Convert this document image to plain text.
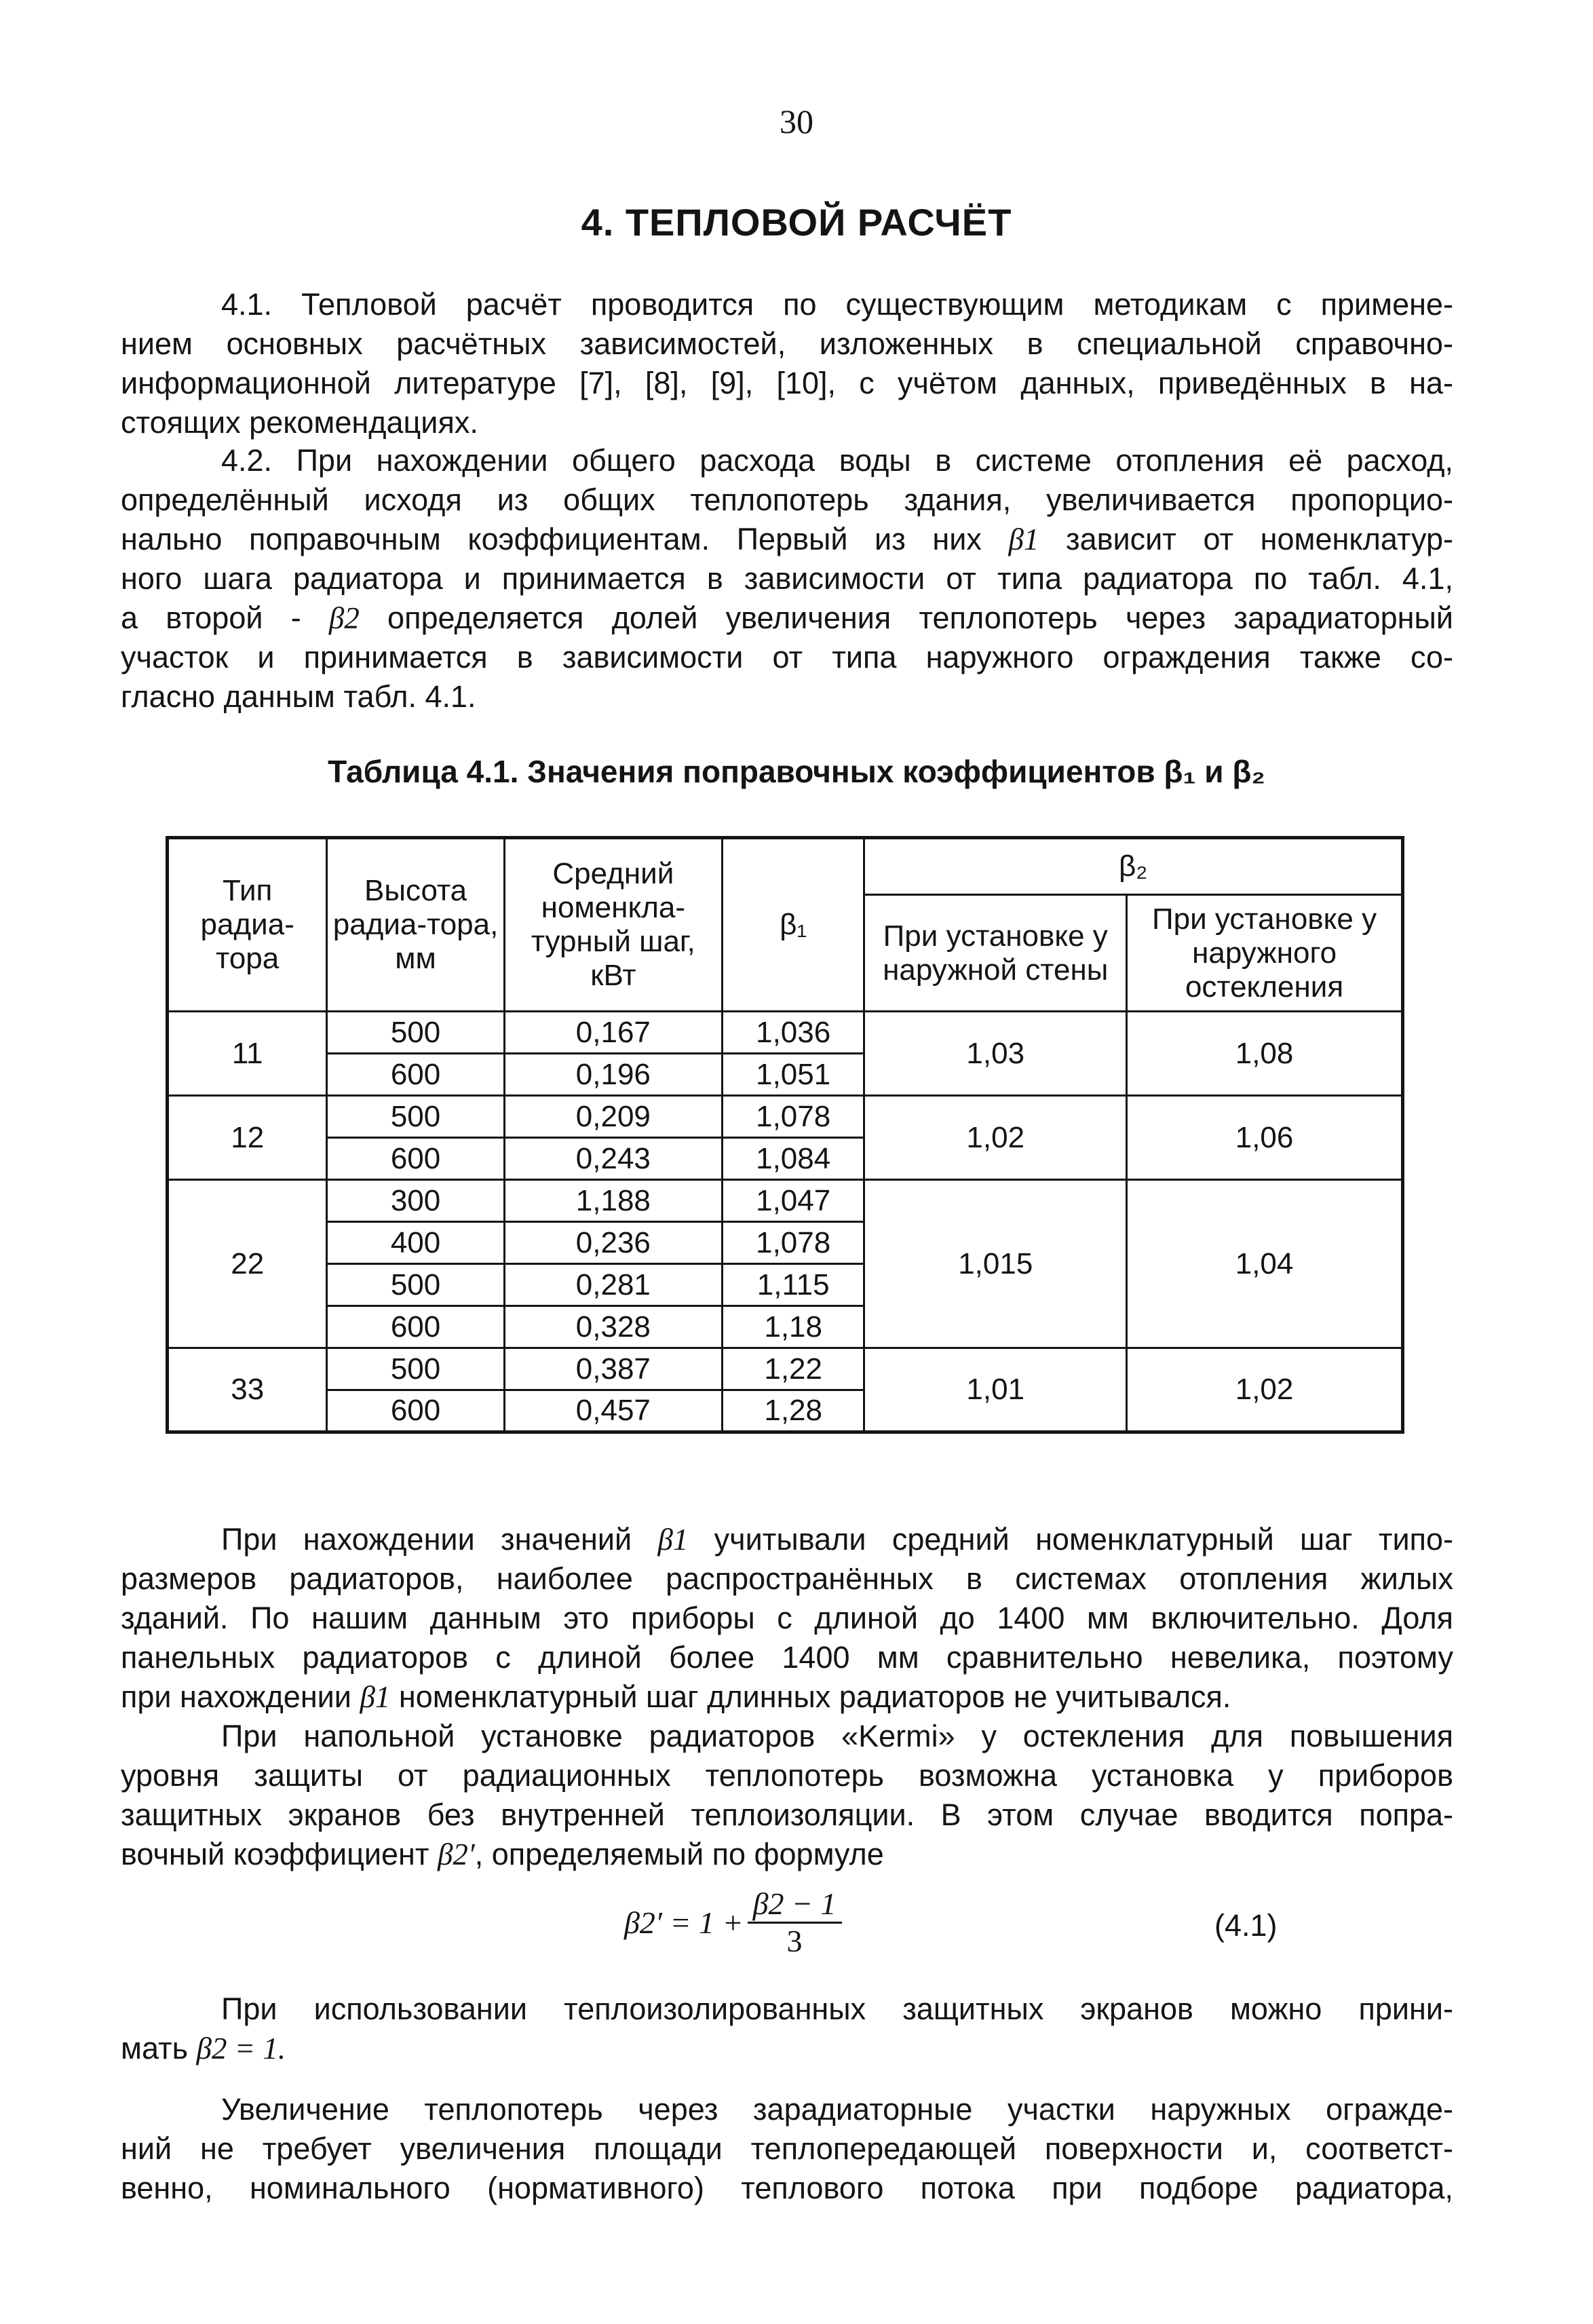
30
4. ТЕПЛОВОЙ РАСЧЁТ
4.1. Тепловой расчёт проводится по существующим методикам с примене-
нием основных расчётных зависимостей, изложенных в специальной справочно-
информационной литературе [7], [8], [9], [10], с учётом данных, приведённых в на-
стоящих рекомендациях.
4.2. При нахождении общего расхода воды в системе отопления её расход,
определённый исходя из общих теплопотерь здания, увеличивается пропорцио-
нально поправочным коэффициентам. Первый из них β1 зависит от номенклатур-
ного шага радиатора и принимается в зависимости от типа радиатора по табл. 4.1,
а второй - β2 определяется долей увеличения теплопотерь через зарадиаторный
участок и принимается в зависимости от типа наружного ограждения также со-
гласно данным табл. 4.1.
Таблица 4.1. Значения поправочных коэффициентов β₁ и β₂
Тип радиа-тора	Высота радиа-тора, мм	Средний номенкла-турный шаг, кВт	β₁	β₂	
				При установке у наружной стены	При установке у наружного остекления
11	500	0,167	1,036	1,03	1,08
	600	0,196	1,051		
12	500	0,209	1,078	1,02	1,06
	600	0,243	1,084		
22	300	1,188	1,047	1,015	1,04
	400	0,236	1,078		
	500	0,281	1,115		
	600	0,328	1,18		
33	500	0,387	1,22	1,01	1,02
	600	0,457	1,28		
При нахождении значений β1 учитывали средний номенклатурный шаг типо-
размеров радиаторов, наиболее распространённых в системах отопления жилых
зданий. По нашим данным это приборы с длиной до 1400 мм включительно. Доля
панельных радиаторов с длиной более 1400 мм сравнительно невелика, поэтому
при нахождении β1 номенклатурный шаг длинных радиаторов не учитывался.
При напольной установке радиаторов «Kermi» у остекления для повышения
уровня защиты от радиационных теплопотерь возможна установка у приборов
защитных экранов без внутренней теплоизоляции. В этом случае вводится попра-
вочный коэффициент β2′, определяемый по формуле
$\beta 2' = 1 + \frac{\beta 2 - 1}{3}$	(4.1)
При использовании теплоизолированных защитных экранов можно прини-
мать β2 = 1.
Увеличение теплопотерь через зарадиаторные участки наружных огражде-
ний не требует увеличения площади теплопередающей поверхности и, соответст-
венно, номинального (нормативного) теплового потока при подборе радиатора,
